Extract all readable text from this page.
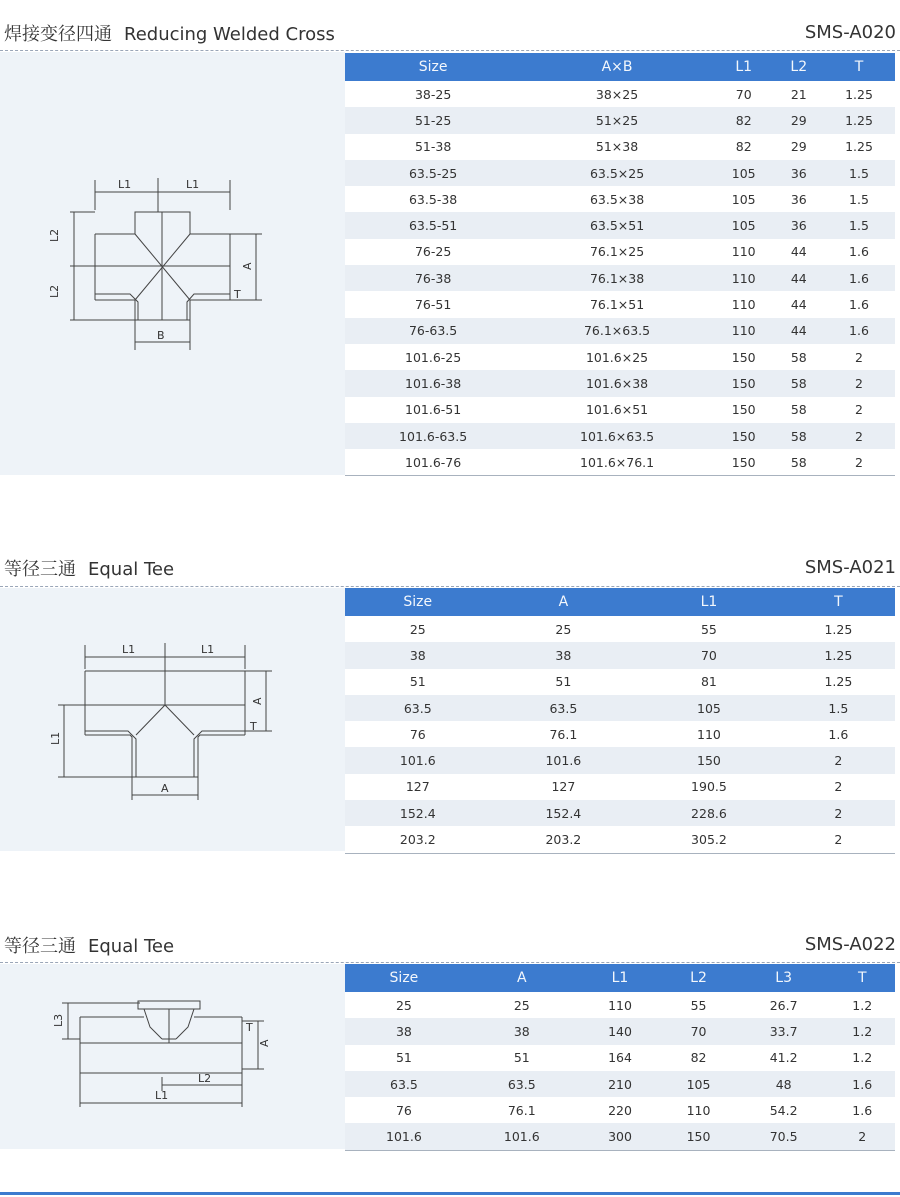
焊接变径四通 Reducing Welded Cross	SMS-A020
L1	L1
L2
L2
A
T
B
Size	A×B	L1	L2	T
38-25	38×25	70	21	1.25
51-25	51×25	82	29	1.25
51-38	51×38	82	29	1.25
63.5-25	63.5×25	105	36	1.5
63.5-38	63.5×38	105	36	1.5
63.5-51	63.5×51	105	36	1.5
76-25	76.1×25	110	44	1.6
76-38	76.1×38	110	44	1.6
76-51	76.1×51	110	44	1.6
76-63.5	76.1×63.5	110	44	1.6
101.6-25	101.6×25	150	58	2
101.6-38	101.6×38	150	58	2
101.6-51	101.6×51	150	58	2
101.6-63.5	101.6×63.5	150	58	2
101.6-76	101.6×76.1	150	58	2
等径三通 Equal Tee	SMS-A021
L1	L1
A
T
L1
A
Size	A	L1	T
25	25	55	1.25
38	38	70	1.25
51	51	81	1.25
63.5	63.5	105	1.5
76	76.1	110	1.6
101.6	101.6	150	2
127	127	190.5	2
152.4	152.4	228.6	2
203.2	203.2	305.2	2
等径三通 Equal Tee	SMS-A022
L3
A
T
L2
L1
Size	A	L1	L2	L3	T
25	25	110	55	26.7	1.2
38	38	140	70	33.7	1.2
51	51	164	82	41.2	1.2
63.5	63.5	210	105	48	1.6
76	76.1	220	110	54.2	1.6
101.6	101.6	300	150	70.5	2
